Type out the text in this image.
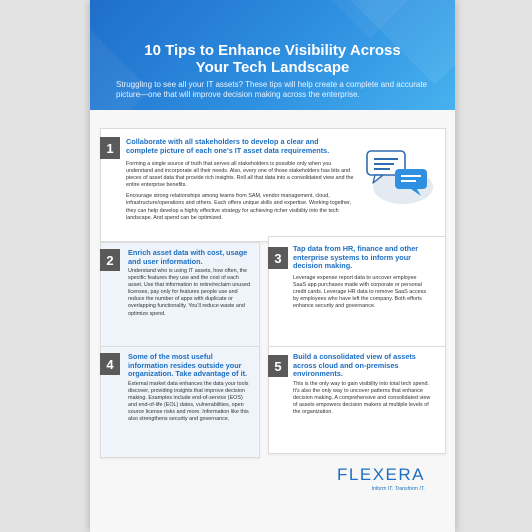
10 Tips to Enhance Visibility Across
Your Tech Landscape
Struggling to see all your IT assets? These tips will help create a complete and accurate picture—one that will improve decision making across the enterprise.
1	Collaborate with all stakeholders to develop a clear and complete picture of each one's IT asset data requirements.

Forming a single source of truth that serves all stakeholders is possible only when you understand and incorporate all their needs. Also, every one of those stakeholders has bits and pieces of asset data that provide rich insights. Roll all that data into a consolidated view and the entire enterprise benefits.

Encourage strong relationships among teams from SAM, vendor management, cloud, infrastructure/operations and others. Each offers unique skills and expertise. Working together, they can help develop a highly effective strategy for achieving richer visibility into the tech landscape. And spend can be optimized.

2	Enrich asset data with cost, usage and user information.

Understand who is using IT assets, how often, the specific features they use and the cost of each asset. Use that information to retire/reclaim unused licenses, pay only for features people use and reduce the number of apps with duplicate or overlapping functionality. You'll reduce waste and optimize spend.

3
Tap data from HR, finance and other enterprise systems to inform your decision making.

Leverage expense report data to uncover employee SaaS app purchases made with corporate or personal credit cards. Leverage HR data to remove SaaS access by employees who have left the company. Both efforts enhance security and governance.

4	Some of the most useful information resides outside your organization. Take advantage of it.

External market data enhances the data your tools discover, providing insights that improve decision making. Examples include end-of-service (EOS) and end-of-life (EOL) dates, vulnerabilities, open source license risks and more. Information like this also strengthens security and governance.

5
Build a consolidated view of assets across cloud and on-premises environments.

This is the only way to gain visibility into total tech spend. It's also the only way to uncover patterns that enhance decision making. A comprehensive and consolidated view of assets empowers decision makers at multiple levels of the organization.

FLEXERA
Inform IT. Transform IT.
